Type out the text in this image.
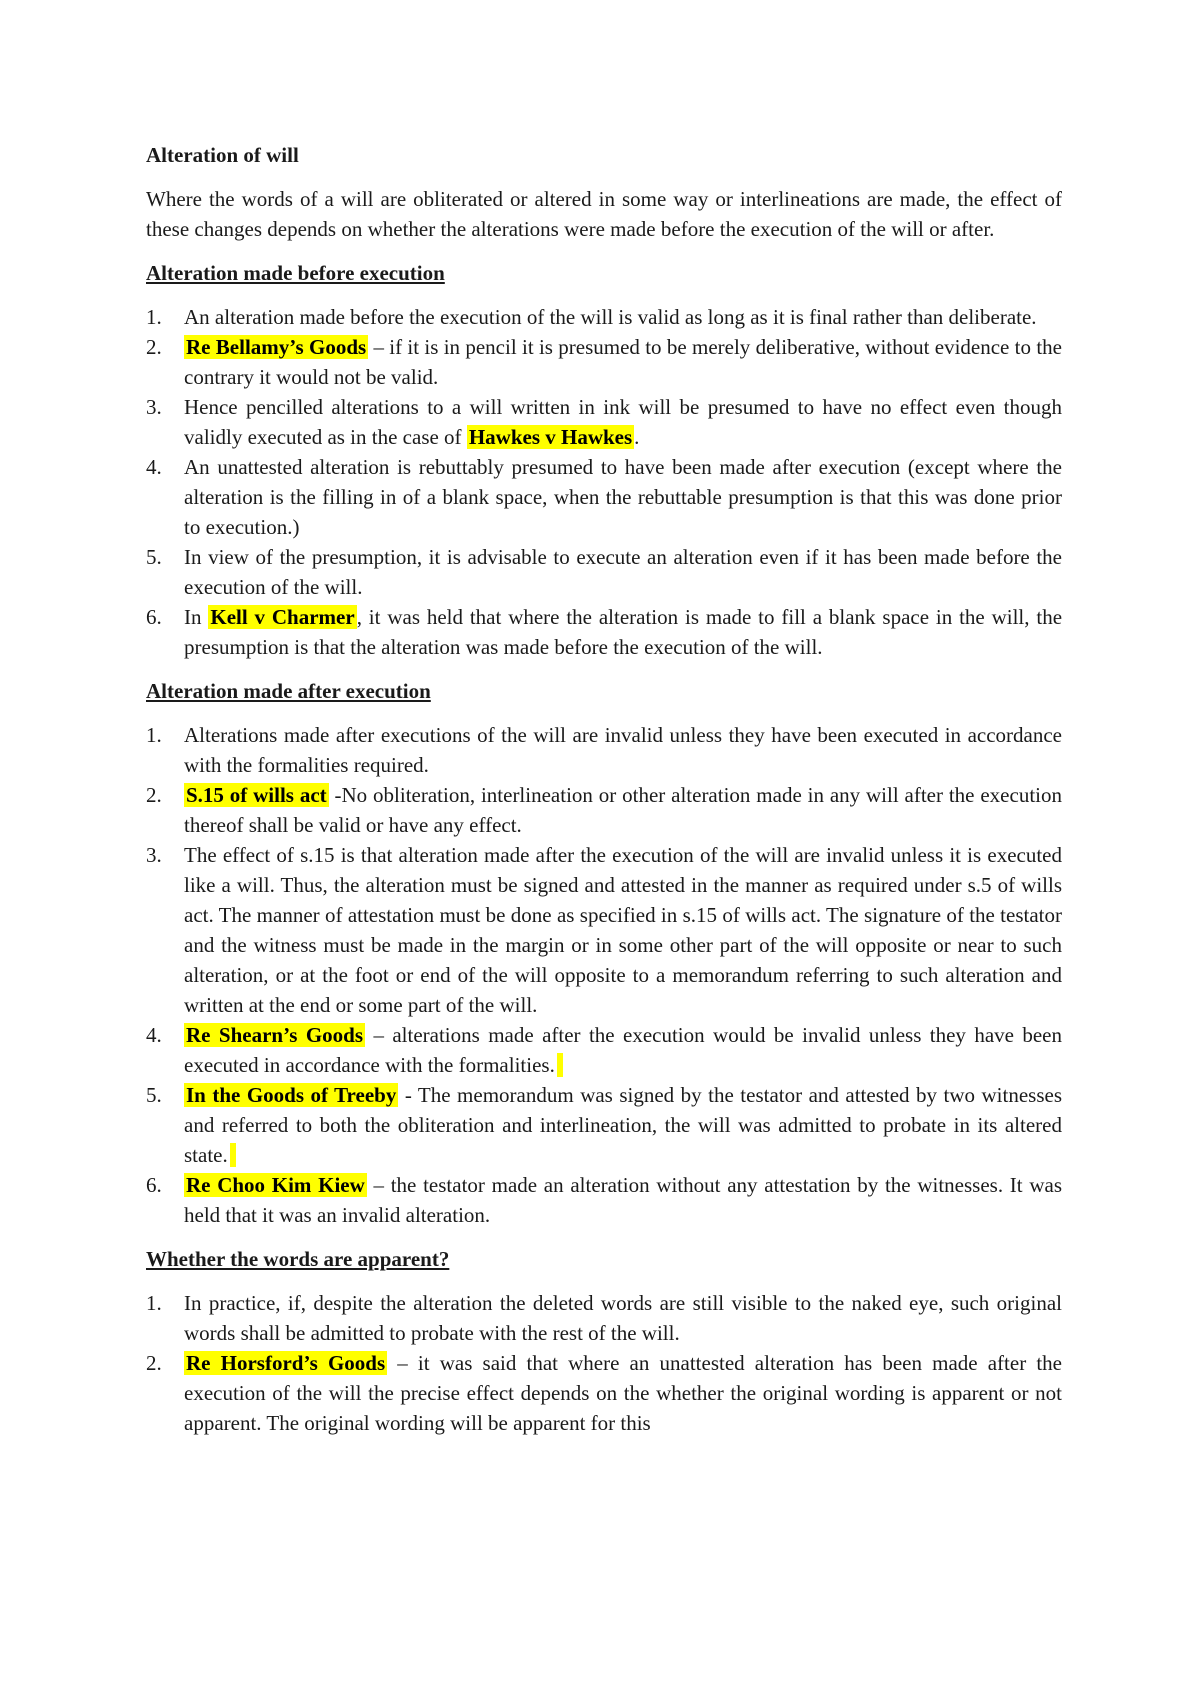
Alteration of will

Where the words of a will are obliterated or altered in some way or interlineations are made, the effect of these changes depends on whether the alterations were made before the execution of the will or after.

Alteration made before execution

1. An alteration made before the execution of the will is valid as long as it is final rather than deliberate.
2. Re Bellamy’s Goods – if it is in pencil it is presumed to be merely deliberative, without evidence to the contrary it would not be valid.
3. Hence pencilled alterations to a will written in ink will be presumed to have no effect even though validly executed as in the case of Hawkes v Hawkes.
4. An unattested alteration is rebuttably presumed to have been made after execution (except where the alteration is the filling in of a blank space, when the rebuttable presumption is that this was done prior to execution.)
5. In view of the presumption, it is advisable to execute an alteration even if it has been made before the execution of the will.
6. In Kell v Charmer, it was held that where the alteration is made to fill a blank space in the will, the presumption is that the alteration was made before the execution of the will.

Alteration made after execution

1. Alterations made after executions of the will are invalid unless they have been executed in accordance with the formalities required.
2. S.15 of wills act -No obliteration, interlineation or other alteration made in any will after the execution thereof shall be valid or have any effect.
3. The effect of s.15 is that alteration made after the execution of the will are invalid unless it is executed like a will. Thus, the alteration must be signed and attested in the manner as required under s.5 of wills act. The manner of attestation must be done as specified in s.15 of wills act. The signature of the testator and the witness must be made in the margin or in some other part of the will opposite or near to such alteration, or at the foot or end of the will opposite to a memorandum referring to such alteration and written at the end or some part of the will.
4. Re Shearn’s Goods – alterations made after the execution would be invalid unless they have been executed in accordance with the formalities.
5. In the Goods of Treeby - The memorandum was signed by the testator and attested by two witnesses and referred to both the obliteration and interlineation, the will was admitted to probate in its altered state.
6. Re Choo Kim Kiew – the testator made an alteration without any attestation by the witnesses. It was held that it was an invalid alteration.

Whether the words are apparent?

1. In practice, if, despite the alteration the deleted words are still visible to the naked eye, such original words shall be admitted to probate with the rest of the will.
2. Re Horsford’s Goods – it was said that where an unattested alteration has been made after the execution of the will the precise effect depends on the whether the original wording is apparent or not apparent. The original wording will be apparent for this
